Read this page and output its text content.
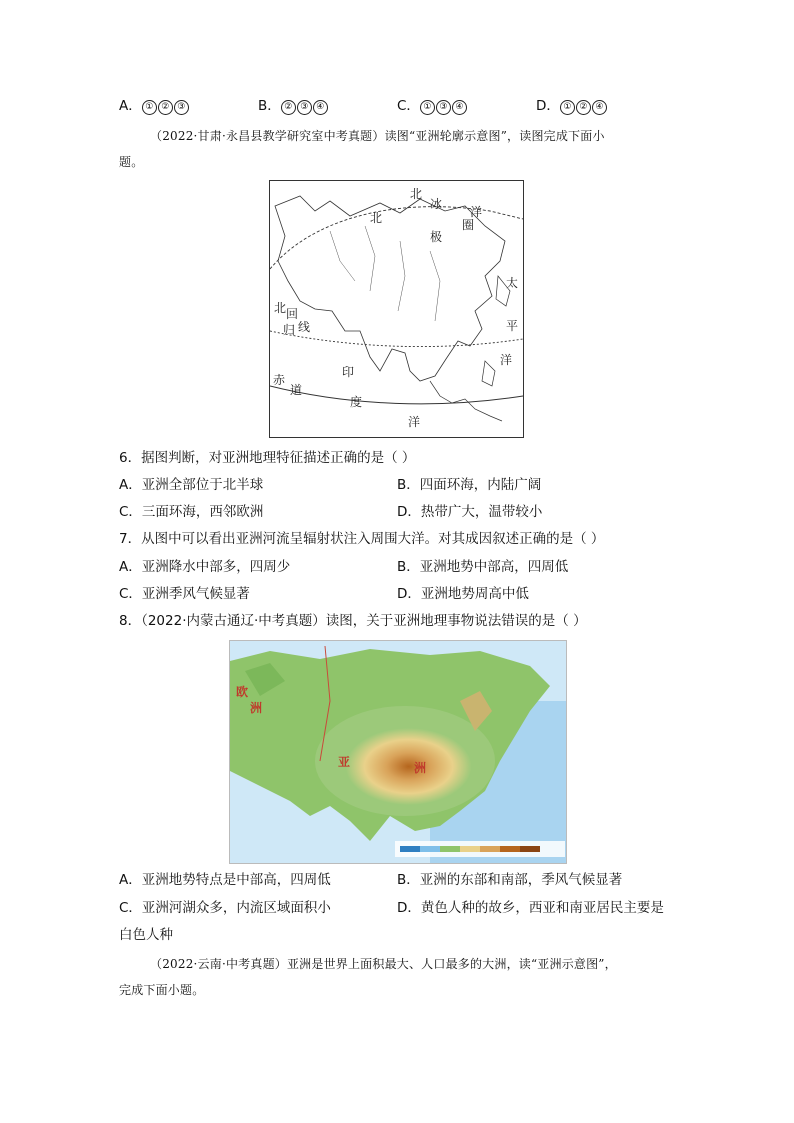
A． ① ② ③	B． ② ③ ④	C． ① ③ ④	D． ① ② ④
（2022·甘肃·永昌县教学研究室中考真题）读图“亚洲轮廓示意图”，读图完成下面小
题。
北
冰
洋
北
极
圈
太
北 回
归 线	平
洋
赤
道
印
度
洋
6．据图判断，对亚洲地理特征描述正确的是（ ）
A．亚洲全部位于北半球	B．四面环海，内陆广阔
C．三面环海，西邻欧洲	D．热带广大，温带较小
7．从图中可以看出亚洲河流呈辐射状注入周围大洋。对其成因叙述正确的是（ ）
A．亚洲降水中部多，四周少	B．亚洲地势中部高，四周低
C．亚洲季风气候显著	D．亚洲地势周高中低
8．（2022·内蒙古通辽·中考真题）读图，关于亚洲地理事物说法错误的是（ ）
欧
洲
亚	洲
A．亚洲地势特点是中部高，四周低	B．亚洲的东部和南部，季风气候显著
C．亚洲河湖众多，内流区域面积小	D．黄色人种的故乡，西亚和南亚居民主要是
白色人种
（2022·云南·中考真题）亚洲是世界上面积最大、人口最多的大洲，读“亚洲示意图”，
完成下面小题。
